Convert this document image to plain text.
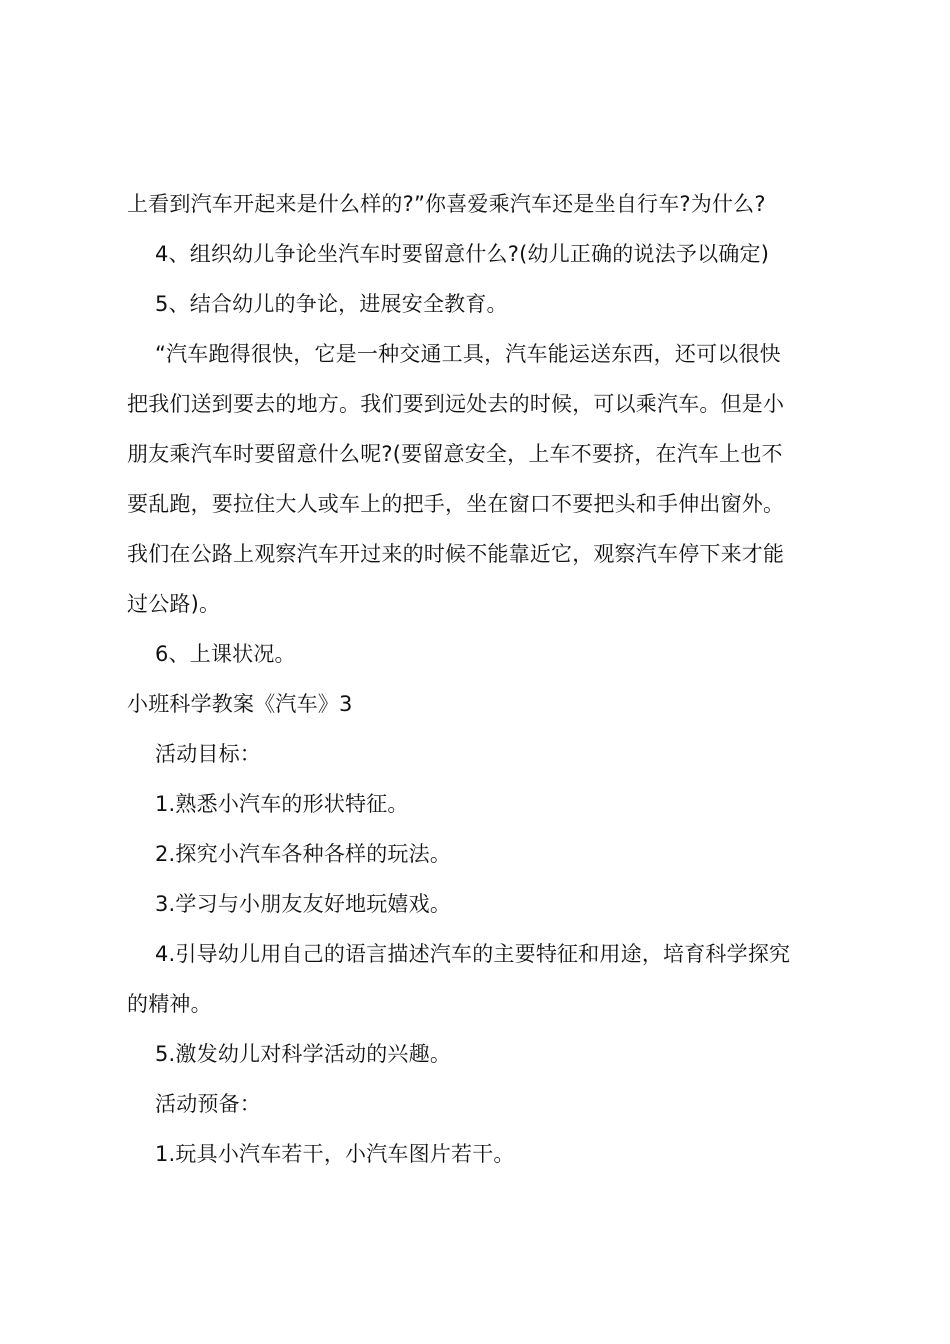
上看到汽车开起来是什么样的?”你喜爱乘汽车还是坐自行车?为什么?
4、组织幼儿争论坐汽车时要留意什么?(幼儿正确的说法予以确定)
5、结合幼儿的争论，进展安全教育。
“汽车跑得很快，它是一种交通工具，汽车能运送东西，还可以很快
把我们送到要去的地方。我们要到远处去的时候，可以乘汽车。但是小
朋友乘汽车时要留意什么呢?(要留意安全，上车不要挤，在汽车上也不
要乱跑，要拉住大人或车上的把手，坐在窗口不要把头和手伸出窗外。
我们在公路上观察汽车开过来的时候不能靠近它，观察汽车停下来才能
过公路)。
6、上课状况。
小班科学教案《汽车》3
活动目标：
1.熟悉小汽车的形状特征。
2.探究小汽车各种各样的玩法。
3.学习与小朋友友好地玩嬉戏。
4.引导幼儿用自己的语言描述汽车的主要特征和用途，培育科学探究
的精神。
5.激发幼儿对科学活动的兴趣。
活动预备：
1.玩具小汽车若干，小汽车图片若干。
